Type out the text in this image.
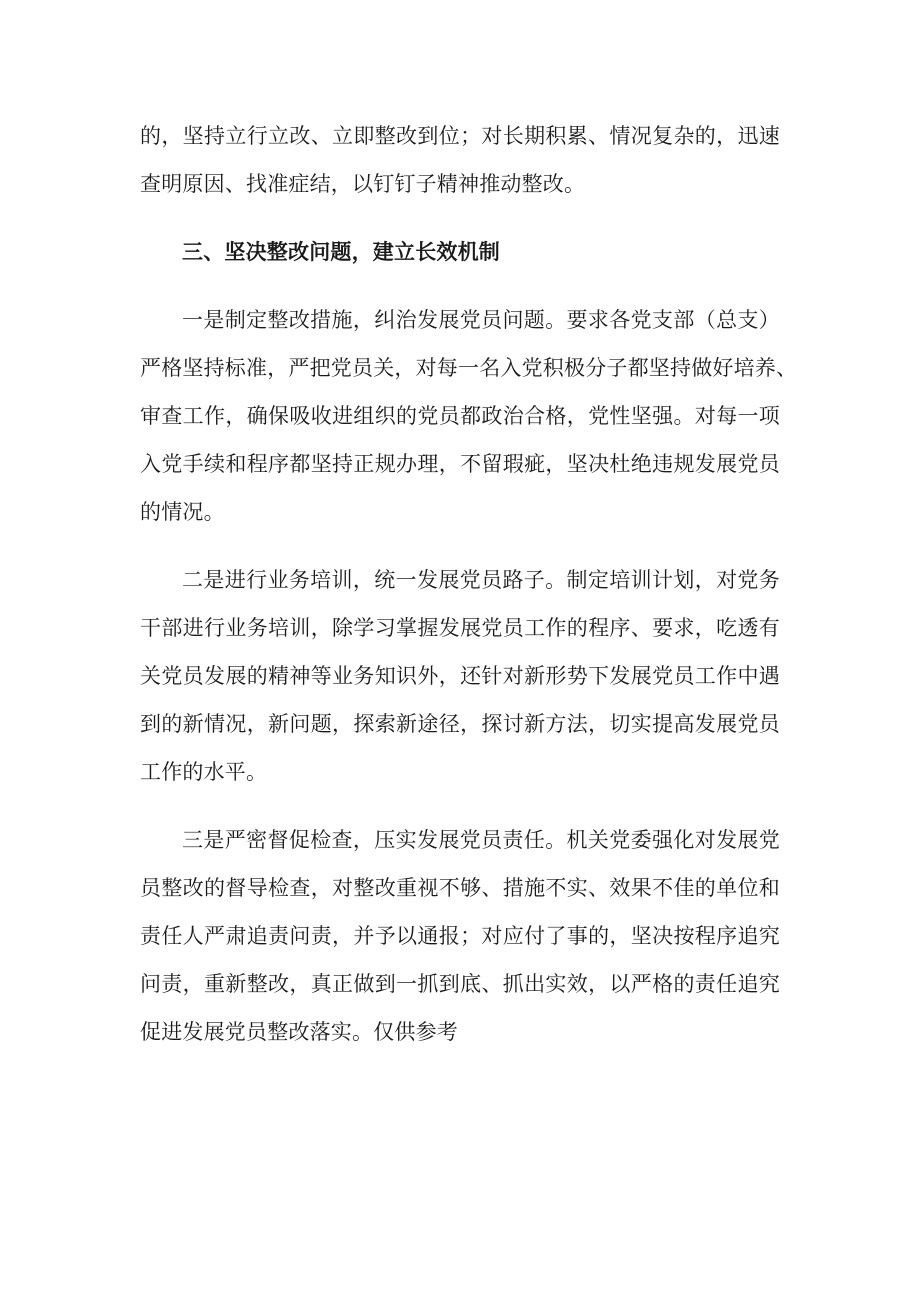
的，坚持立行立改、立即整改到位；对长期积累、情况复杂的，迅速
查明原因、找准症结，以钉钉子精神推动整改。
三、坚决整改问题，建立长效机制
一是制定整改措施，纠治发展党员问题。要求各党支部（总支）
严格坚持标准，严把党员关，对每一名入党积极分子都坚持做好培养、
审查工作，确保吸收进组织的党员都政治合格，党性坚强。对每一项
入党手续和程序都坚持正规办理，不留瑕疵，坚决杜绝违规发展党员
的情况。
二是进行业务培训，统一发展党员路子。制定培训计划，对党务
干部进行业务培训，除学习掌握发展党员工作的程序、要求，吃透有
关党员发展的精神等业务知识外，还针对新形势下发展党员工作中遇
到的新情况，新问题，探索新途径，探讨新方法，切实提高发展党员
工作的水平。
三是严密督促检查，压实发展党员责任。机关党委强化对发展党
员整改的督导检查，对整改重视不够、措施不实、效果不佳的单位和
责任人严肃追责问责，并予以通报；对应付了事的，坚决按程序追究
问责，重新整改，真正做到一抓到底、抓出实效，以严格的责任追究
促进发展党员整改落实。仅供参考
